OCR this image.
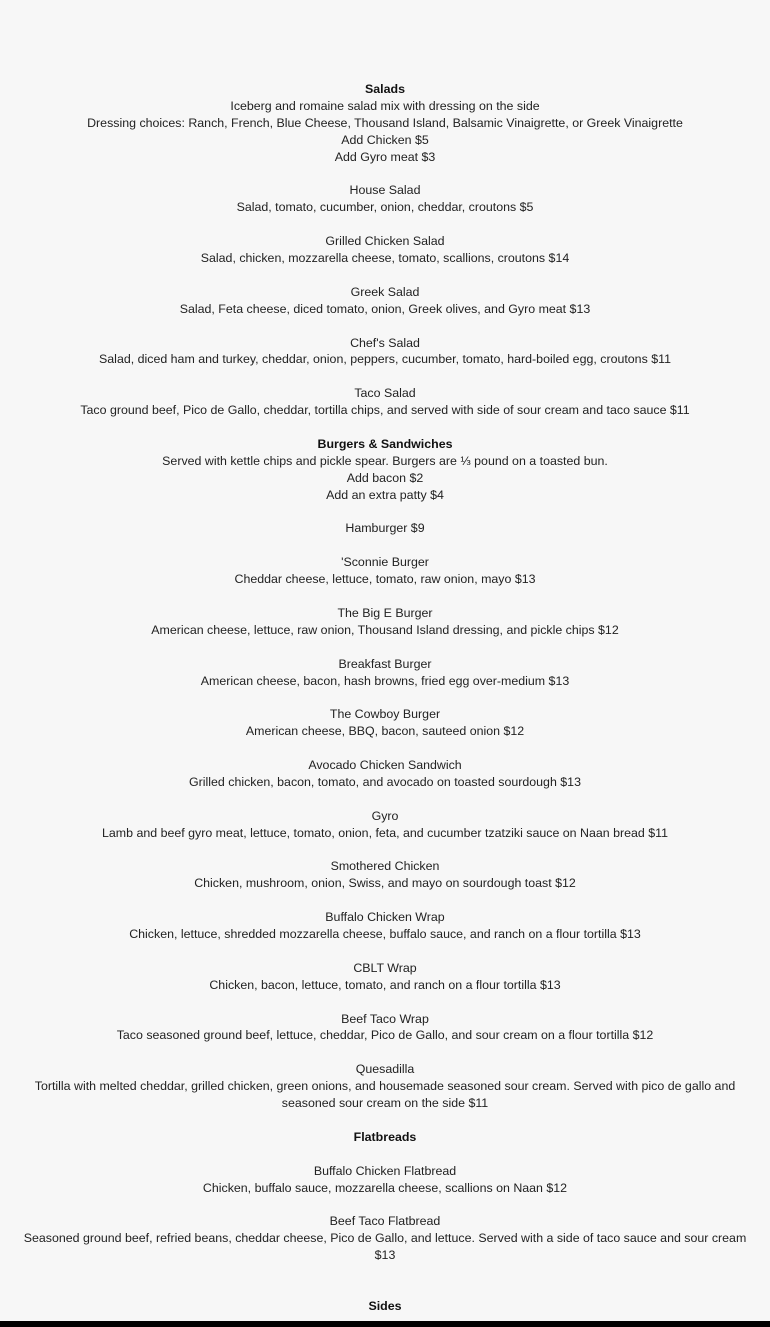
Salads
Iceberg and romaine salad mix with dressing on the side
Dressing choices: Ranch, French, Blue Cheese, Thousand Island, Balsamic Vinaigrette, or Greek Vinaigrette
Add Chicken $5
Add Gyro meat $3
House Salad
Salad, tomato, cucumber, onion, cheddar, croutons $5
Grilled Chicken Salad
Salad, chicken, mozzarella cheese, tomato, scallions, croutons $14
Greek Salad
Salad, Feta cheese, diced tomato, onion, Greek olives, and Gyro meat $13
Chef's Salad
Salad, diced ham and turkey, cheddar, onion, peppers, cucumber, tomato, hard-boiled egg, croutons $11
Taco Salad
Taco ground beef, Pico de Gallo, cheddar, tortilla chips, and served with side of sour cream and taco sauce $11
Burgers & Sandwiches
Served with kettle chips and pickle spear. Burgers are ⅓ pound on a toasted bun.
Add bacon $2
Add an extra patty $4
Hamburger $9
'Sconnie Burger
Cheddar cheese, lettuce, tomato, raw onion, mayo $13
The Big E Burger
American cheese, lettuce, raw onion, Thousand Island dressing, and pickle chips $12
Breakfast Burger
American cheese, bacon, hash browns, fried egg over-medium $13
The Cowboy Burger
American cheese, BBQ, bacon, sauteed onion $12
Avocado Chicken Sandwich
Grilled chicken, bacon, tomato, and avocado on toasted sourdough $13
Gyro
Lamb and beef gyro meat, lettuce, tomato, onion, feta, and cucumber tzatziki sauce on Naan bread $11
Smothered Chicken
Chicken, mushroom, onion, Swiss, and mayo on sourdough toast $12
Buffalo Chicken Wrap
Chicken, lettuce, shredded mozzarella cheese, buffalo sauce, and ranch on a flour tortilla $13
CBLT Wrap
Chicken, bacon, lettuce, tomato, and ranch on a flour tortilla $13
Beef Taco Wrap
Taco seasoned ground beef, lettuce, cheddar, Pico de Gallo, and sour cream on a flour tortilla $12
Quesadilla
Tortilla with melted cheddar, grilled chicken, green onions, and housemade seasoned sour cream. Served with pico de gallo and seasoned sour cream on the side $11
Flatbreads
Buffalo Chicken Flatbread
Chicken, buffalo sauce, mozzarella cheese, scallions on Naan $12
Beef Taco Flatbread
Seasoned ground beef, refried beans, cheddar cheese, Pico de Gallo, and lettuce. Served with a side of taco sauce and sour cream $13
Sides
